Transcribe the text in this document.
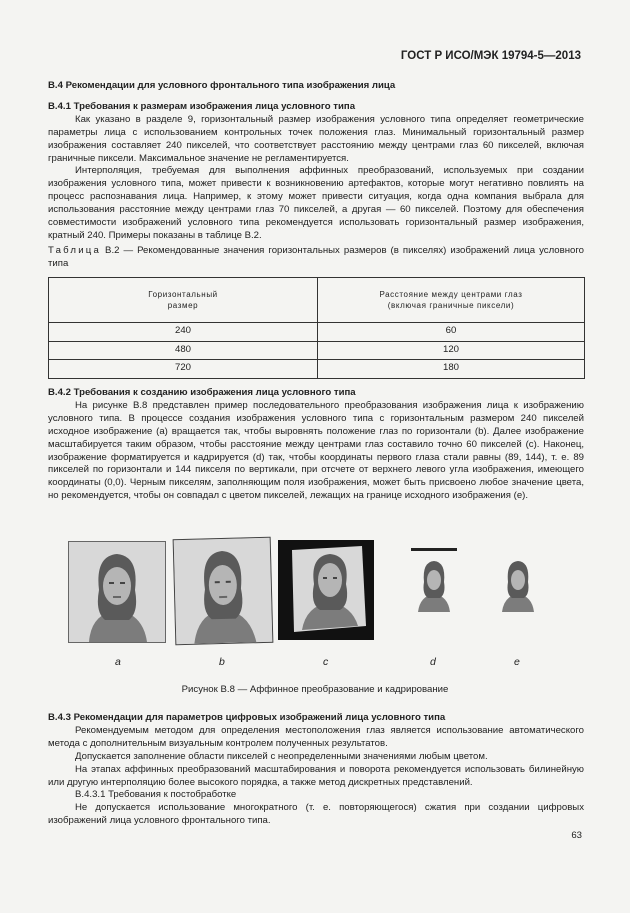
ГОСТ Р ИСО/МЭК 19794-5—2013

В.4 Рекомендации для условного фронтального типа изображения лица

В.4.1 Требования к размерам изображения лица условного типа

Как указано в разделе 9, горизонтальный размер изображения условного типа определяет геометрические параметры лица с использованием контрольных точек положения глаз. Минимальный горизонтальный размер изображения составляет 240 пикселей, что соответствует расстоянию между центрами глаз 60 пикселей, включая граничные пиксели. Максимальное значение не регламентируется.

Интерполяция, требуемая для выполнения аффинных преобразований, используемых при создании изображения условного типа, может привести к возникновению артефактов, которые могут негативно повлиять на процесс распознавания лица. Например, к этому может привести ситуация, когда одна компания выбрала для использования расстояние между центрами глаз 70 пикселей, а другая — 60 пикселей. Поэтому для обеспечения совместимости изображений условного типа рекомендуется использовать горизонтальный размер изображения, кратный 240. Примеры показаны в таблице В.2.

Таблица В.2 — Рекомендованные значения горизонтальных размеров (в пикселях) изображений лица условного типа

Горизонтальный
размер	Расстояние между центрами глаз
(включая граничные пиксели)
240	60
480	120
720	180

В.4.2 Требования к созданию изображения лица условного типа

На рисунке В.8 представлен пример последовательного преобразования изображения лица к изображению условного типа. В процессе создания изображения условного типа с горизонтальным размером 240 пикселей исходное изображение (а) вращается так, чтобы выровнять положение глаз по горизонтали (b). Далее изображение масштабируется таким образом, чтобы расстояние между центрами глаз составило точно 60 пикселей (с). Наконец, изображение форматируется и кадрируется (d) так, чтобы координаты первого глаза стали равны (89, 144), т. е. 89 пикселей по горизонтали и 144 пикселя по вертикали, при отсчете от верхнего левого угла изображения, имеющего координаты (0,0). Черным пикселям, заполняющим поля изображения, может быть присвоено любое значение цвета, но рекомендуется, чтобы он совпадал с цветом пикселей, лежащих на границе исходного изображения (е).

a	b	c	d	e
Рисунок В.8 — Аффинное преобразование и кадрирование

В.4.3 Рекомендации для параметров цифровых изображений лица условного типа

Рекомендуемым методом для определения местоположения глаз является использование автоматического метода с дополнительным визуальным контролем полученных результатов.

Допускается заполнение области пикселей с неопределенными значениями любым цветом.

На этапах аффинных преобразований масштабирования и поворота рекомендуется использовать билинейную или другую интерполяцию более высокого порядка, а также метод дискретных представлений.

В.4.3.1 Требования к постобработке

Не допускается использование многократного (т. е. повторяющегося) сжатия при создании цифровых изображений лица условного фронтального типа.

63
